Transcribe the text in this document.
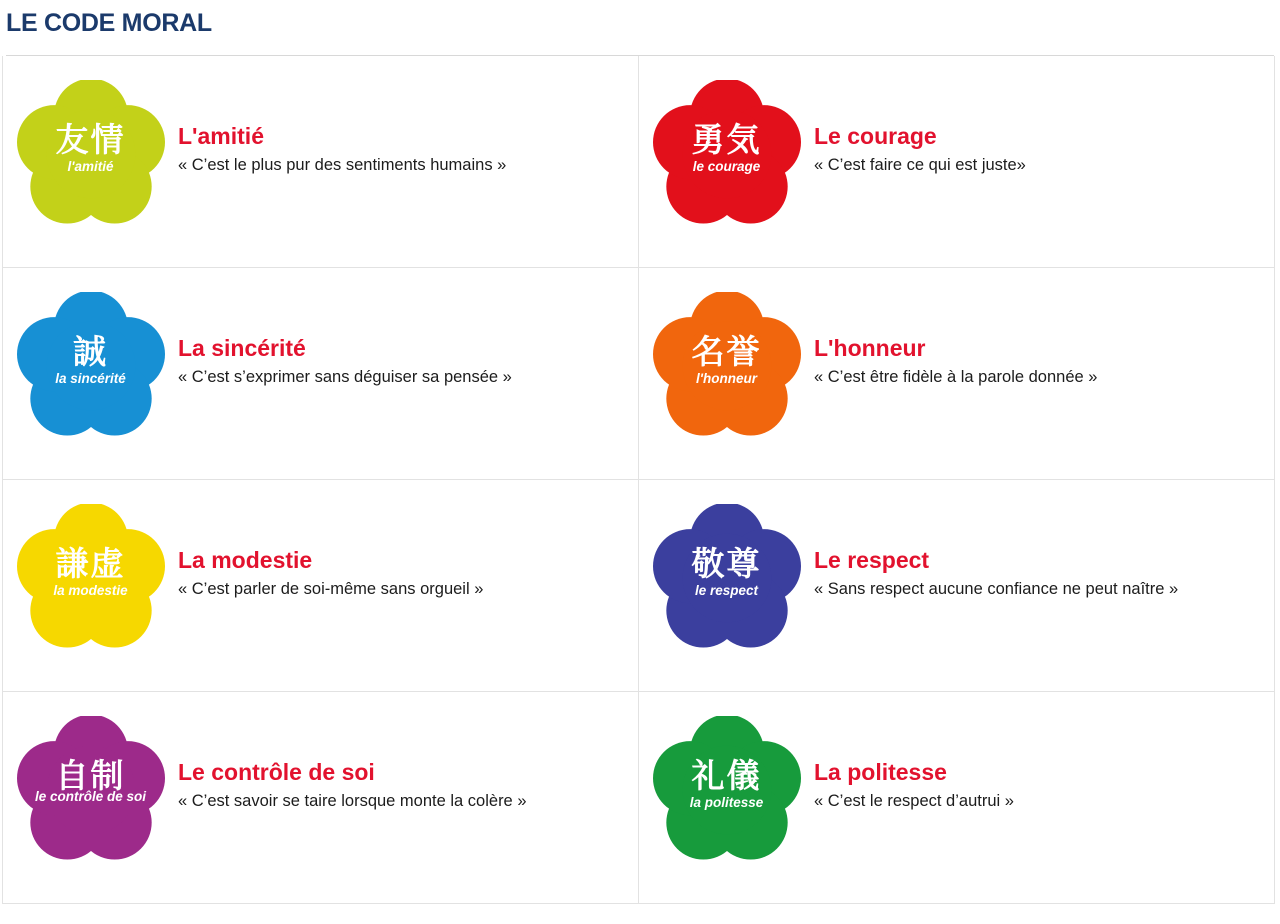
LE CODE MORAL
友情
l'amitié

L'amitié

« C’est le plus pur des sentiments humains »

勇気
le courage

Le courage

« C’est faire ce qui est juste»

誠
la sincérité

La sincérité

« C’est s’exprimer sans déguiser sa pensée »

名誉
l'honneur

L'honneur

« C’est être fidèle à la parole donnée »

謙虚
la modestie

La modestie

« C’est parler de soi-même sans orgueil »

敬尊
le respect

Le respect

« Sans respect aucune confiance ne peut naître »

自制
le contrôle de soi

Le contrôle de soi

« C’est savoir se taire lorsque monte la colère »

礼儀
la politesse

La politesse

« C’est le respect d’autrui »
